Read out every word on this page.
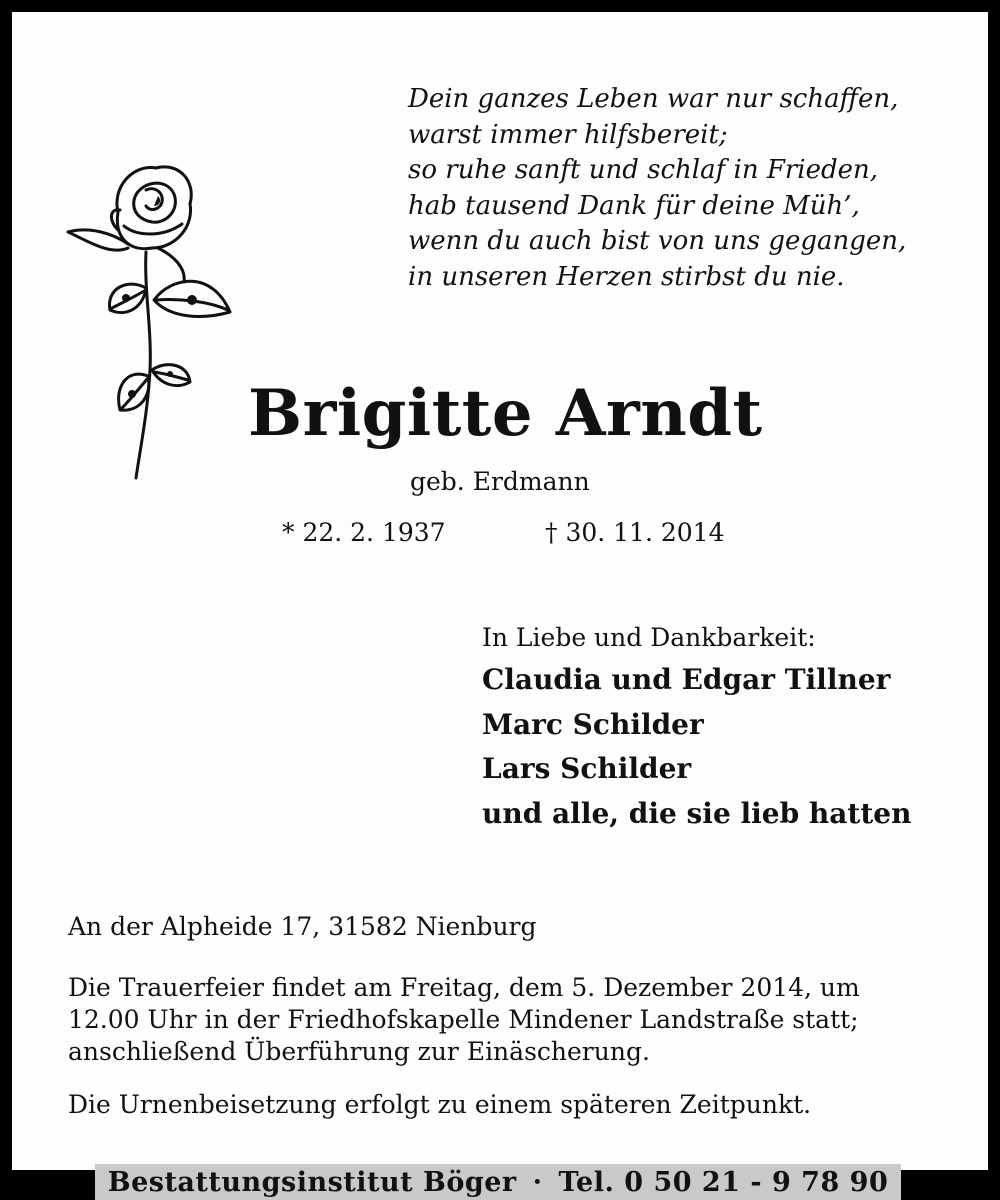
Dein ganzes Leben war nur schaffen,
warst immer hilfsbereit;
so ruhe sanft und schlaf in Frieden,
hab tausend Dank für deine Müh’,
wenn du auch bist von uns gegangen,
in unseren Herzen stirbst du nie.
Brigitte Arndt
geb. Erdmann
* 22. 2. 1937	† 30. 11. 2014
In Liebe und Dankbarkeit:
Claudia und Edgar Tillner
Marc Schilder
Lars Schilder
und alle, die sie lieb hatten
An der Alpheide 17, 31582 Nienburg
Die Trauerfeier findet am Freitag, dem 5. Dezember 2014, um
12.00 Uhr in der Friedhofskapelle Mindener Landstraße statt;
anschließend Überführung zur Einäscherung.
Die Urnenbeisetzung erfolgt zu einem späteren Zeitpunkt.
Bestattungsinstitut Böger · Tel. 0 50 21 - 9 78 90
